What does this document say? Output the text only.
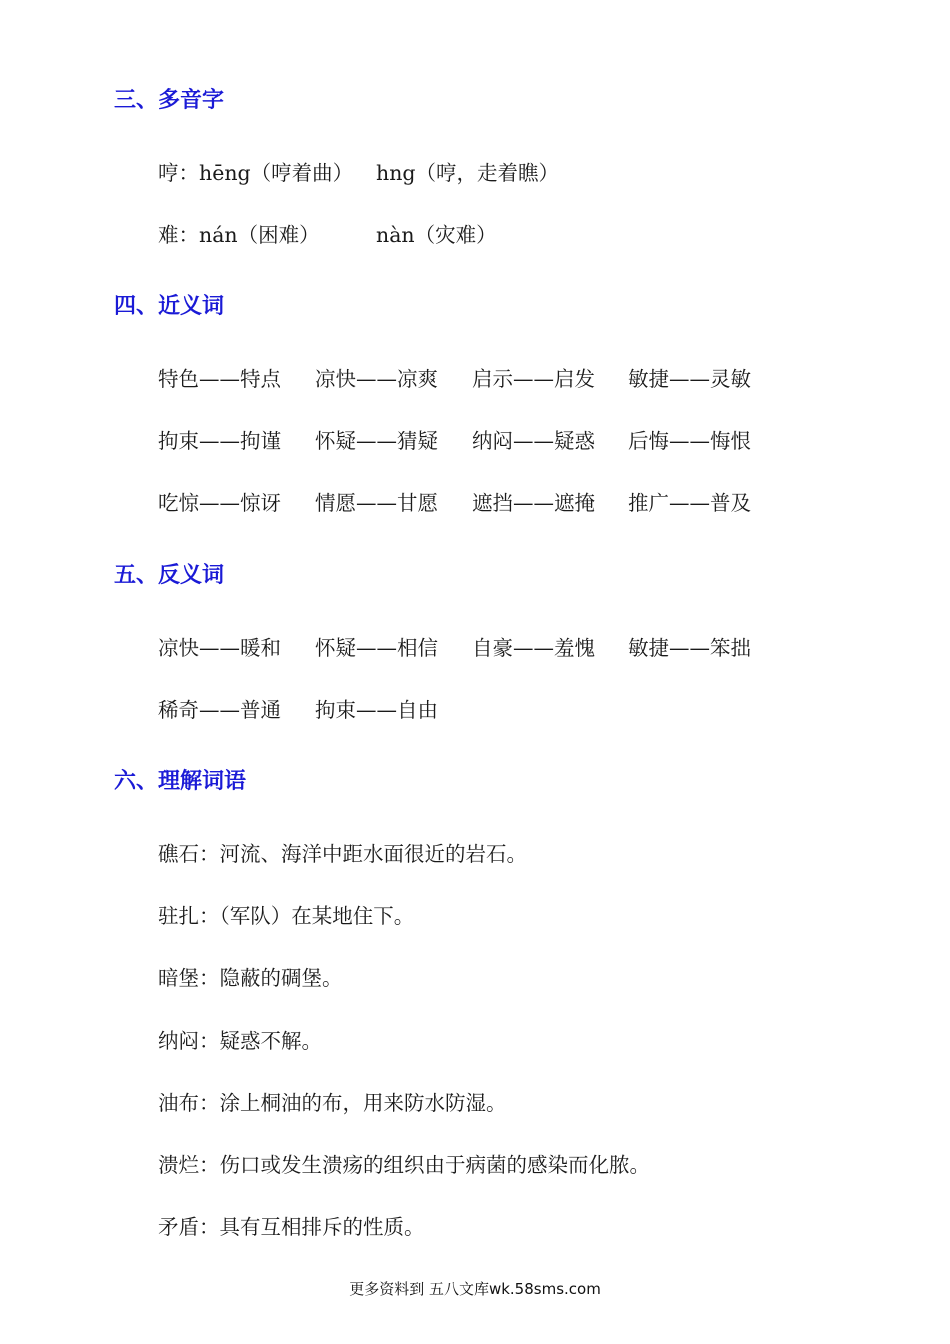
三、多音字

哼：hēng（哼着曲） hng（哼，走着瞧）

难：nán（困难）	nàn（灾难）

四、近义词

特色——特点 凉快——凉爽 启示——启发 敏捷——灵敏

拘束——拘谨 怀疑——猜疑 纳闷——疑惑 后悔——悔恨

吃惊——惊讶 情愿——甘愿 遮挡——遮掩 推广——普及

五、反义词

凉快——暖和 怀疑——相信 自豪——羞愧 敏捷——笨拙

稀奇——普通 拘束——自由

六、理解词语

礁石：河流、海洋中距水面很近的岩石。

驻扎：（军队）在某地住下。

暗堡：隐蔽的碉堡。

纳闷：疑惑不解。

油布：涂上桐油的布，用来防水防湿。

溃烂：伤口或发生溃疡的组织由于病菌的感染而化脓。

矛盾：具有互相排斥的性质。

更多资料到 五八文库wk.58sms.com
